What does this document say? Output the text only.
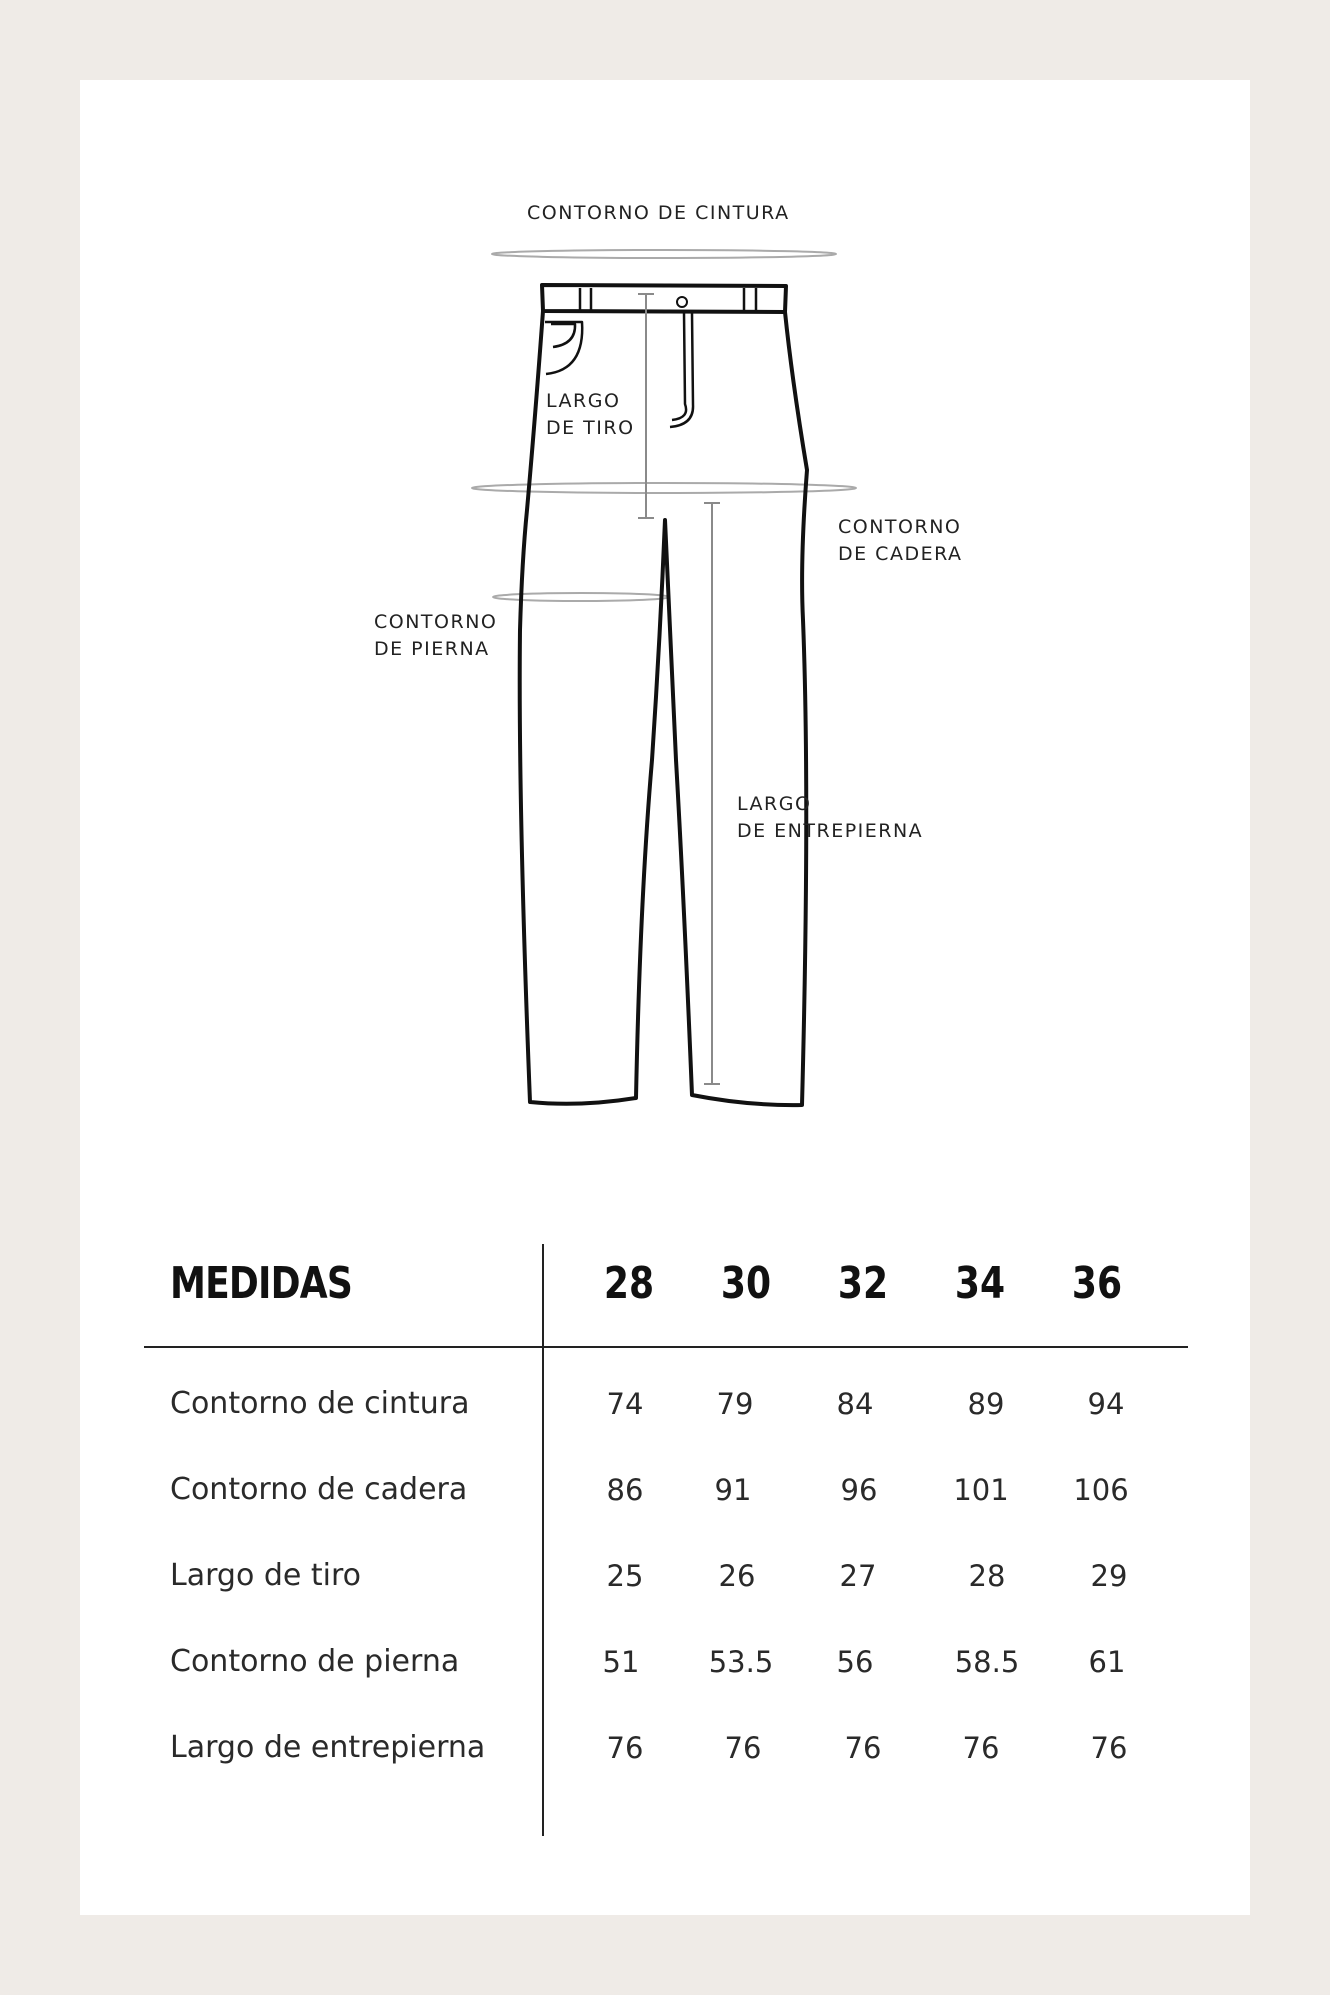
CONTORNO DE CINTURA
LARGO
DE TIRO
CONTORNO
DE CADERA
CONTORNO
DE PIERNA
LARGO
DE ENTREPIERNA
MEDIDAS	28 30 32 34 36
Contorno de cintura	74	79	84	89	94
Contorno de cadera	86	91	96	101	106
Largo de tiro	25	26	27	28	29
Contorno de pierna	51	53.5	56	58.5	61
Largo de entrepierna	76	76	76	76	76
